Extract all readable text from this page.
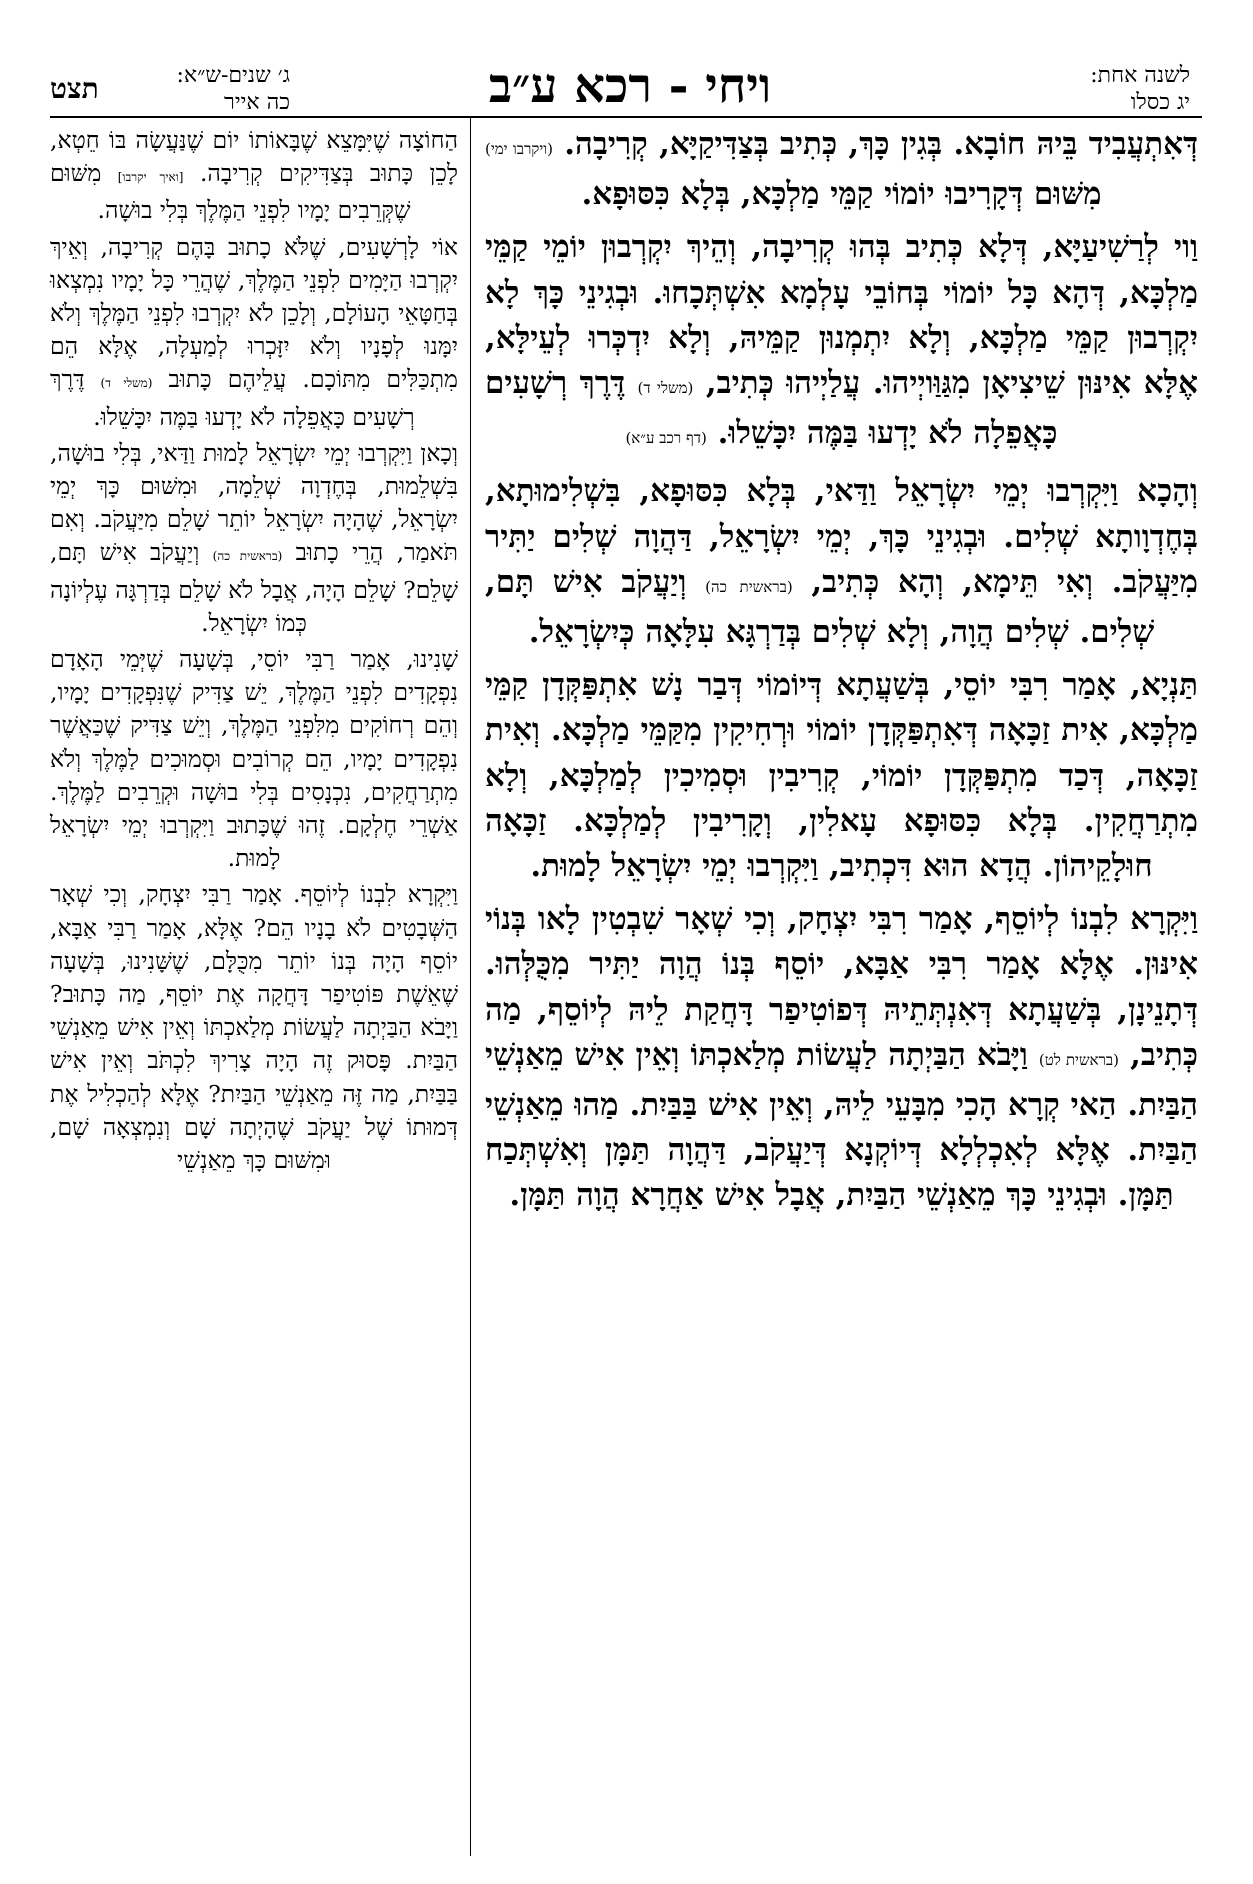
תצט	ג׳ שנים-ש״א:
כה אייר	ויחי - רכא ע״ב	לשנה אחת:
יג כסלו

דְּאִתְעֲבִיד בֵּיהּ חוֹבָא. בְּגִין כָּךְ, כְּתִיב בְּצַדִּיקַיָּא, קְרִיבָה. (ויקרבו ימי) מִשּׁוּם דְּקָרִיבוּ יוֹמוֹי קַמֵּי מַלְכָּא, בְּלָא כִּסּוּפָא.

וַוי לְרַשִׁיעַיָּא, דְּלָא כְּתִיב בְּהוּ קְרִיבָה, וְהֵיךְ יִקְרְבוּן יוֹמֵי קַמֵּי מַלְכָּא, דְּהָא כָּל יוֹמוֹי בְּחוֹבֵי עָלְמָא אִשְׁתְּכָחוּ. וּבְגִינֵי כָּךְ לָא יִקְרְבוּן קַמֵּי מַלְכָּא, וְלָא יִתְמְנוּן קַמֵּיהּ, וְלָא יִדְכְּרוּ לְעֵילָּא, אֶלָּא אִינּוּן שֵׁיצִיאָן מִגַּוַּויְיהוּ. עֲלַיְיהוּ כְּתִיב, (משלי ד) דֶּרֶךְ רְשָׁעִים כָּאֲפֵלָה לֹא יָדְעוּ בַּמֶּה יִכָּשֵׁלוּ. (דף רכב ע״א)

וְהָכָא וַיִּקְרְבוּ יְמֵי יִשְׂרָאֵל וַדַּאי, בְּלָא כִּסּוּפָא, בִּשְׁלִימוּתָא, בְּחֶדְוָותָא שְׁלִים. וּבְגִינֵי כָּךְ, יְמֵי יִשְׂרָאֵל, דַּהֲוָה שְׁלִים יַתִּיר מִיַּעֲקֹב. וְאִי תֵּימָא, וְהָא כְּתִיב, (בראשית כה) וְיַעֲקֹב אִישׁ תָּם, שְׁלִים. שְׁלִים הֲוָה, וְלָא שְׁלִים בְּדַרְגָּא עִלָּאָה כְּיִשְׂרָאֵל.

תַּנְיָא, אָמַר רִבִּי יוֹסֵי, בְּשַׁעֲתָא דְּיוֹמוֹי דְּבַר נָשׁ אִתְפַּקְּדָן קַמֵּי מַלְכָּא, אִית זַכָּאָה דְּאִתְפַּקְּדָן יוֹמוֹי וּרְחִיקִין מִקַּמֵּי מַלְכָּא. וְאִית זַכָּאָה, דְּכַד מִתְפַּקְּדָן יוֹמוֹי, קְרִיבִין וּסְמִיכִין לְמַלְכָּא, וְלָא מִתְרַחֲקִין. בְּלָא כִּסּוּפָא עָאלִין, וְקָרִיבִין לְמַלְכָּא. זַכָּאָה חוּלָקֵיהוֹן. הֲדָא הוּא דִּכְתִיב, וַיִּקְרְבוּ יְמֵי יִשְׂרָאֵל לָמוּת.

וַיִּקְרָא לִבְנוֹ לְיוֹסֵף, אָמַר רִבִּי יִצְחָק, וְכִי שְׁאָר שִׁבְטִין לָאו בְּנוֹי אִינּוּן. אֶלָּא אָמַר רִבִּי אַבָּא, יוֹסֵף בְּנוֹ הֲוָה יַתִּיר מִכֻּלְּהוּ. דְּתָנֵינָן, בְּשַׁעֲתָא דְּאִנְתְּתֵיהּ דְּפוֹטִיפַר דָּחֲקַת לֵיהּ לְיוֹסֵף, מַה כְּתִיב, (בראשית לט) וַיָּבֹא הַבַּיְתָה לַעֲשׂוֹת מְלַאכְתּוֹ וְאֵין אִישׁ מֵאַנְשֵׁי הַבַּיִת. הַאי קְרָא הָכִי מִבָּעֵי לֵיהּ, וְאֵין אִישׁ בַּבַּיִת. מַהוּ מֵאַנְשֵׁי הַבַּיִת. אֶלָּא לְאִכְלְלָא דְּיוֹקְנָא דְּיַעֲקֹב, דַּהֲוָה תַּמָּן וְאִשְׁתְּכַח תַּמָּן. וּבְגִינֵי כָּךְ מֵאַנְשֵׁי הַבַּיִת, אֲבָל אִישׁ אַחֲרָא הֲוָה תַּמָּן.

הַחוֹצָה שֶׁיִּמָּצֵא שֶׁבָּאוֹתוֹ יוֹם שֶׁנַּעֲשָׂה בּוֹ חֵטְא, לָכֵן כָּתוּב בְּצַדִּיקִים קְרִיבָה. [ואיך יקרבו] מִשּׁוּם שֶׁקְּרֵבִים יָמָיו לִפְנֵי הַמֶּלֶךְ בְּלִי בוּשָׁה.

אוֹי לָרְשָׁעִים, שֶׁלֹּא כָתוּב בָּהֶם קְרִיבָה, וְאֵיךְ יִקְרְבוּ הַיָּמִים לִפְנֵי הַמֶּלֶךְ, שֶׁהֲרֵי כָּל יָמָיו נִמְצְאוּ בְּחַטָּאֵי הָעוֹלָם, וְלָכֵן לֹא יִקְרְבוּ לִפְנֵי הַמֶּלֶךְ וְלֹא יִמָּנוּ לְפָנָיו וְלֹא יִזָּכְרוּ לְמַעְלָה, אֶלָּא הֵם מִתְכַּלִּים מִתּוֹכָם. עֲלֵיהֶם כָּתוּב (משלי ד) דֶּרֶךְ רְשָׁעִים כָּאֲפֵלָה לֹא יָדְעוּ בַּמֶּה יִכָּשֵׁלוּ.

וְכָאן וַיִּקְרְבוּ יְמֵי יִשְׂרָאֵל לָמוּת וַדַּאי, בְּלִי בוּשָׁה, בִּשְׁלֵמוּת, בְּחֶדְוָה שְׁלֵמָה, וּמִשּׁוּם כָּךְ יְמֵי יִשְׂרָאֵל, שֶׁהָיָה יִשְׂרָאֵל יוֹתֵר שָׁלֵם מִיַּעֲקֹב. וְאִם תֹּאמַר, הֲרֵי כָתוּב (בראשית כה) וְיַעֲקֹב אִישׁ תָּם, שָׁלֵם? שָׁלֵם הָיָה, אֲבָל לֹא שָׁלֵם בְּדַרְגָּה עֶלְיוֹנָה כְּמוֹ יִשְׂרָאֵל.

שָׁנִינוּ, אָמַר רַבִּי יוֹסֵי, בְּשָׁעָה שֶׁיְּמֵי הָאָדָם נִפְקָדִים לִפְנֵי הַמֶּלֶךְ, יֵשׁ צַדִּיק שֶׁנִּפְקָדִים יָמָיו, וְהֵם רְחוֹקִים מִלִּפְנֵי הַמֶּלֶךְ, וְיֵשׁ צַדִּיק שֶׁכַּאֲשֶׁר נִפְקָדִים יָמָיו, הֵם קְרוֹבִים וּסְמוּכִים לַמֶּלֶךְ וְלֹא מִתְרַחֲקִים, נִכְנָסִים בְּלִי בוּשָׁה וּקְרֵבִים לַמֶּלֶךְ. אַשְׁרֵי חֶלְקָם. זֶהוּ שֶׁכָּתוּב וַיִּקְרְבוּ יְמֵי יִשְׂרָאֵל לָמוּת.

וַיִּקְרָא לִבְנוֹ לְיוֹסֵף. אָמַר רַבִּי יִצְחָק, וְכִי שְׁאָר הַשְּׁבָטִים לֹא בָנָיו הֵם? אֶלָּא, אָמַר רַבִּי אַבָּא, יוֹסֵף הָיָה בְּנוֹ יוֹתֵר מִכֻּלָּם, שֶׁשָּׁנִינוּ, בְּשָׁעָה שֶׁאֵשֶׁת פּוֹטִיפַר דָּחֲקָה אֶת יוֹסֵף, מַה כָּתוּב? וַיָּבֹא הַבַּיְתָה לַעֲשׂוֹת מְלַאכְתּוֹ וְאֵין אִישׁ מֵאַנְשֵׁי הַבַּיִת. פָּסוּק זֶה הָיָה צָרִיךְ לִכְתֹּב וְאֵין אִישׁ בַּבַּיִת, מַה זֶּה מֵאַנְשֵׁי הַבַּיִת? אֶלָּא לְהַכְלִיל אֶת דְּמוּתוֹ שֶׁל יַעֲקֹב שֶׁהָיְתָה שָׁם וְנִמְצְאָה שָׁם, וּמִשּׁוּם כָּךְ מֵאַנְשֵׁי
